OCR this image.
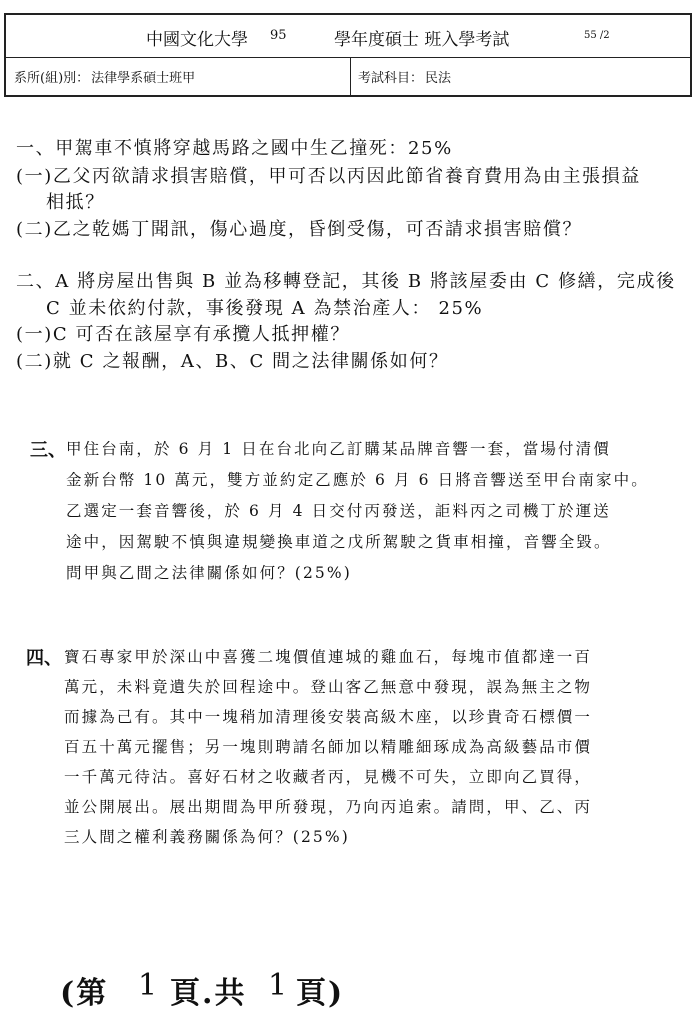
中國文化大學 95	學年度碩士 班入學考試	55 /2
系所(組)別： 法律學系碩士班甲	考試科目： 民法
一、甲駕車不慎將穿越馬路之國中生乙撞死：25%
(一)乙父丙欲請求損害賠償，甲可否以丙因此節省養育費用為由主張損益
相抵？
(二)乙之乾媽丁聞訊，傷心過度，昏倒受傷，可否請求損害賠償？
二、A 將房屋出售與 B 並為移轉登記，其後 B 將該屋委由 C 修繕，完成後
C 並未依約付款，事後發現 A 為禁治產人： 25%
(一)C 可否在該屋享有承攬人抵押權？
(二)就 C 之報酬，A、B、C 間之法律關係如何？
三、 甲住台南，於 6 月 1 日在台北向乙訂購某品牌音響一套，當場付清價
金新台幣 10 萬元，雙方並約定乙應於 6 月 6 日將音響送至甲台南家中。
乙選定一套音響後，於 6 月 4 日交付丙發送，詎料丙之司機丁於運送
途中，因駕駛不慎與違規變換車道之戊所駕駛之貨車相撞，音響全毀。
問甲與乙間之法律關係如何？(25%)
四、 寶石專家甲於深山中喜獲二塊價值連城的雞血石，每塊市值都達一百
萬元，未料竟遺失於回程途中。登山客乙無意中發現，誤為無主之物
而據為己有。其中一塊稍加清理後安裝高級木座，以珍貴奇石標價一
百五十萬元擺售；另一塊則聘請名師加以精雕細琢成為高級藝品市價
一千萬元待沽。喜好石材之收藏者丙，見機不可失，立即向乙買得，
並公開展出。展出期間為甲所發現，乃向丙追索。請問，甲、乙、丙
三人間之權利義務關係為何？(25%)
(第 1 頁.共 1 頁)
